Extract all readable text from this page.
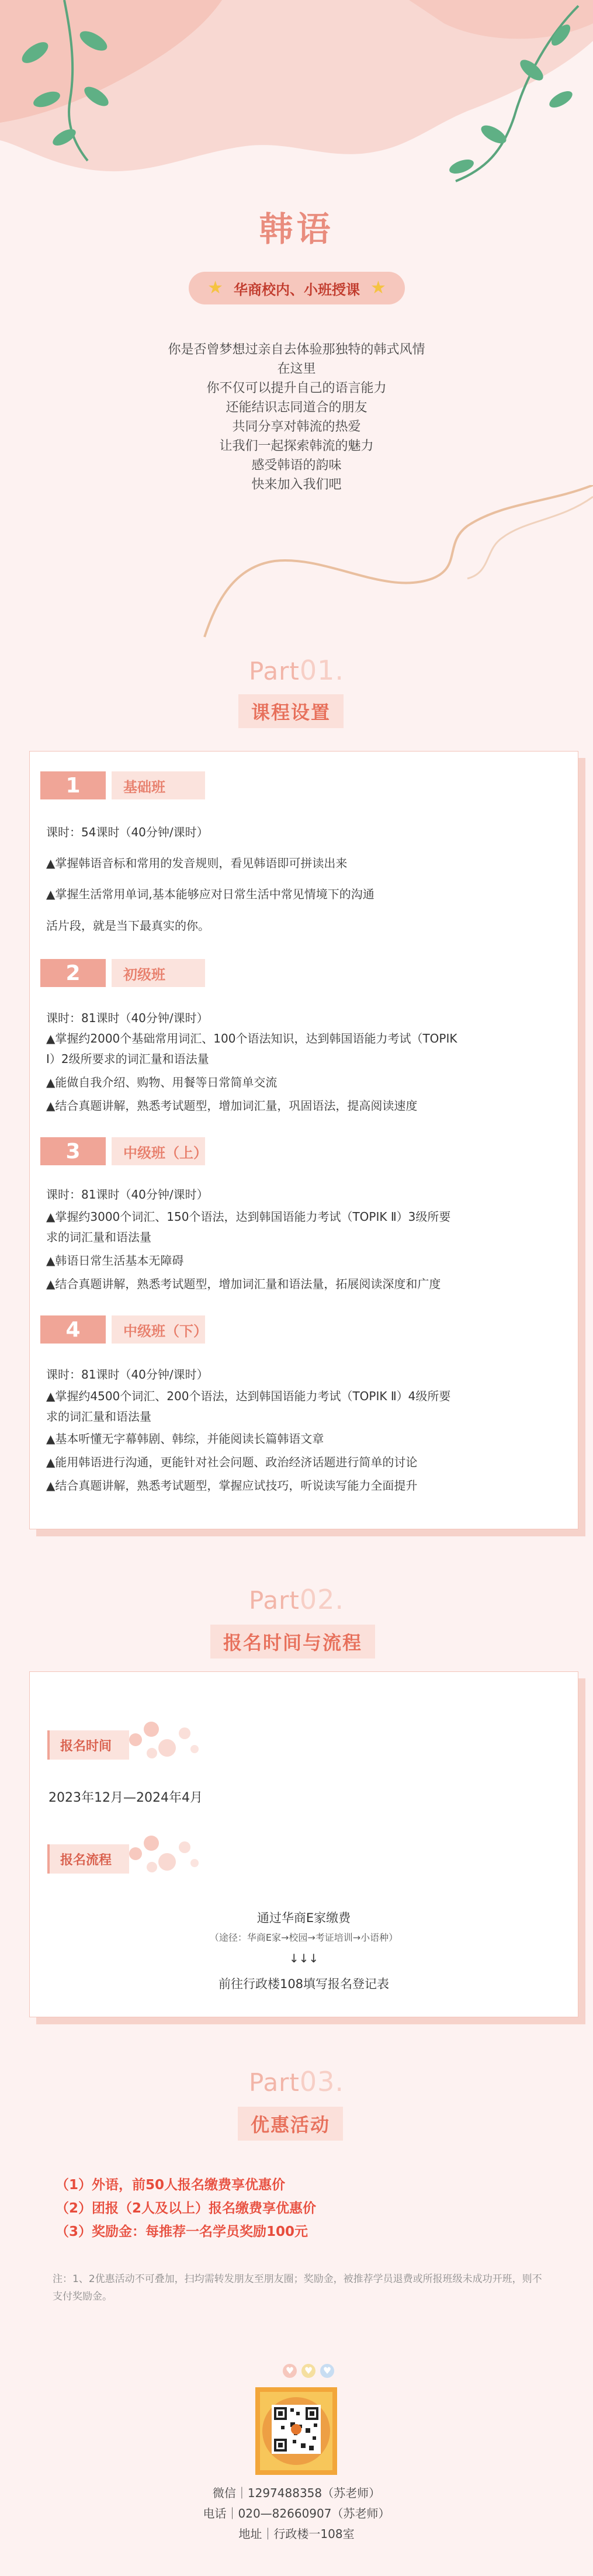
韩语
★ 华商校内、小班授课 ★
你是否曾梦想过亲自去体验那独特的韩式风情
在这里
你不仅可以提升自己的语言能力
还能结识志同道合的朋友
共同分享对韩流的热爱
让我们一起探索韩流的魅力
感受韩语的韵味
快来加入我们吧
Part01.
课程设置
1	基础班
课时：54课时（40分钟/课时）
▲掌握韩语音标和常用的发音规则，看见韩语即可拼读出来
▲掌握生活常用单词,基本能够应对日常生活中常见情境下的沟通
活片段，就是当下最真实的你。
2	初级班
课时：81课时（40分钟/课时）
▲掌握约2000个基础常用词汇、100个语法知识，达到韩国语能力考试（TOPIK
Ⅰ）2级所要求的词汇量和语法量
▲能做自我介绍、购物、用餐等日常简单交流
▲结合真题讲解，熟悉考试题型，增加词汇量，巩固语法，提高阅读速度
3	中级班（上）
课时：81课时（40分钟/课时）
▲掌握约3000个词汇、150个语法，达到韩国语能力考试（TOPIK Ⅱ）3级所要
求的词汇量和语法量
▲韩语日常生活基本无障碍
▲结合真题讲解，熟悉考试题型，增加词汇量和语法量，拓展阅读深度和广度
4	中级班（下）
课时：81课时（40分钟/课时）
▲掌握约4500个词汇、200个语法，达到韩国语能力考试（TOPIK Ⅱ）4级所要
求的词汇量和语法量
▲基本听懂无字幕韩剧、韩综，并能阅读长篇韩语文章
▲能用韩语进行沟通，更能针对社会问题、政治经济话题进行简单的讨论
▲结合真题讲解，熟悉考试题型，掌握应试技巧，听说读写能力全面提升
Part02.
报名时间与流程
报名时间
2023年12月—2024年4月
报名流程
通过华商E家缴费
（途径：华商E家→校园→考证培训→小语种）
↓↓↓
前往行政楼108填写报名登记表
Part03.
优惠活动
（1）外语，前50人报名缴费享优惠价
（2）团报（2人及以上）报名缴费享优惠价
（3）奖励金：每推荐一名学员奖励100元
注：1、2优惠活动不可叠加，扫均需转发朋友至朋友圈；奖励金，被推荐学员退费或所报班级未成功开班，则不支付奖励金。
♥ ♥ ♥
微信｜1297488358（苏老师）
电话｜020—82660907（苏老师）
地址｜行政楼一108室
